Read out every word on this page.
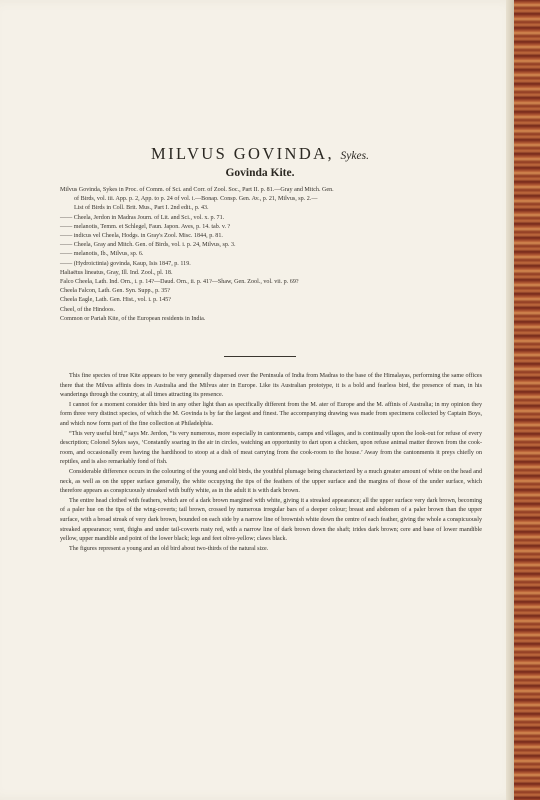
MILVUS GOVINDA, Sykes.
Govinda Kite.
Milvus Govinda, Sykes in Proc. of Comm. of Sci. and Corr. of Zool. Soc., Part II. p. 81.—Gray and Mitch. Gen.
of Birds, vol. iii. App. p. 2, App. to p. 24 of vol. i.—Bonap. Consp. Gen. Av., p. 21, Milvus, sp. 2.—
List of Birds in Coll. Brit. Mus., Part I. 2nd edit., p. 43.
—— Cheela, Jerdon in Madras Journ. of Lit. and Sci., vol. x. p. 71.
—— melanotis, Temm. et Schlegel, Faun. Japon. Aves, p. 14. tab. v. ?
—— indicus vel Cheela, Hodgs. in Gray's Zool. Misc. 1844, p. 81.
—— Cheela, Gray and Mitch. Gen. of Birds, vol. i. p. 24, Milvus, sp. 3.
—— melanotis, Ib., Milvus, sp. 6.
—— (Hydroictinia) govinda, Kaup, Isis 1847, p. 119.
Haliaëtus lineatus, Gray, Ill. Ind. Zool., pl. 18.
Falco Cheela, Lath. Ind. Orn., i. p. 14?—Daud. Orn., ii. p. 41?—Shaw, Gen. Zool., vol. vii. p. 69?
Cheela Falcon, Lath. Gen. Syn. Supp., p. 35?
Cheela Eagle, Lath. Gen. Hist., vol. i. p. 145?
Cheel, of the Hindoos.
Common or Pariah Kite, of the European residents in India.

This fine species of true Kite appears to be very generally dispersed over the Peninsula of India from Madras to the base of the Himalayas, performing the same offices there that the Milvus affinis does in Australia and the Milvus ater in Europe. Like its Australian prototype, it is a bold and fearless bird, the presence of man, in his wanderings through the country, at all times attracting its presence.

I cannot for a moment consider this bird in any other light than as specifically different from the M. ater of Europe and the M. affinis of Australia; in my opinion they form three very distinct species, of which the M. Govinda is by far the largest and finest. The accompanying drawing was made from specimens collected by Captain Boys, and which now form part of the fine collection at Philadelphia.

“This very useful bird,” says Mr. Jerdon, “is very numerous, more especially in cantonments, camps and villages, and is continually upon the look-out for refuse of every description; Colonel Sykes says, ‘Constantly soaring in the air in circles, watching an opportunity to dart upon a chicken, upon refuse animal matter thrown from the cook-room, and occasionally even having the hardihood to stoop at a dish of meat carrying from the cook-room to the house.’ Away from the cantonments it preys chiefly on reptiles, and is also remarkably fond of fish.

Considerable difference occurs in the colouring of the young and old birds, the youthful plumage being characterized by a much greater amount of white on the head and neck, as well as on the upper surface generally, the white occupying the tips of the feathers of the upper surface and the margins of those of the under surface, which therefore appears as conspicuously streaked with buffy white, as in the adult it is with dark brown.

The entire head clothed with feathers, which are of a dark brown margined with white, giving it a streaked appearance; all the upper surface very dark brown, becoming of a paler hue on the tips of the wing-coverts; tail brown, crossed by numerous irregular bars of a deeper colour; breast and abdomen of a paler brown than the upper surface, with a broad streak of very dark brown, bounded on each side by a narrow line of brownish white down the centre of each feather, giving the whole a conspicuously streaked appearance; vent, thighs and under tail-coverts rusty red, with a narrow line of dark brown down the shaft; irides dark brown; cere and base of lower mandible yellow, upper mandible and point of the lower black; legs and feet olive-yellow; claws black.

The figures represent a young and an old bird about two-thirds of the natural size.
